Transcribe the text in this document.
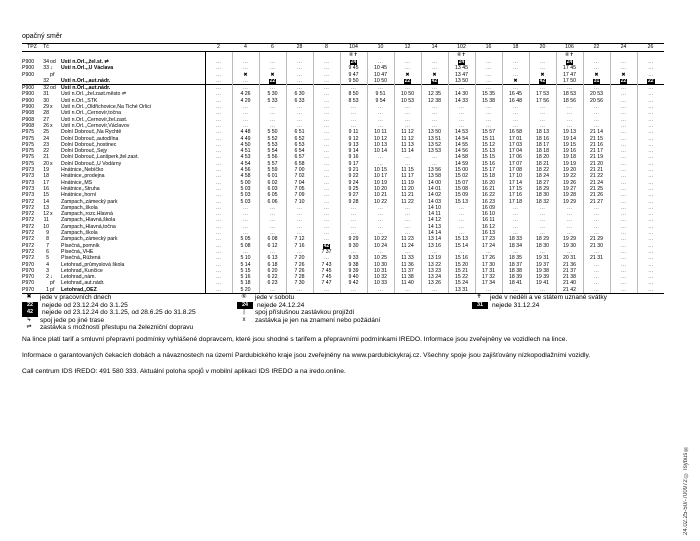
opačný směr
TPZ	Tč			2	4	6	28	8	104	10	12	14	102	16	18	20	106	22	24	26
									⑥✝				⑥✝				⑥✝			
P900	34	od	Ústí n.Orl.,,žel.st. ⇌	…	…	…	…	…	24	…	…	…	24	…	…	…	24	…	…	…
P900	33	↓	Ústí n.Orl.,,U Václava	…	…	…	…	…	9 45	10 45	…	…	13 45	…	…	…	17 45	…	…	…
P900		př		…	✖	✖	…	…	9 47	10 47	✖	✖	13 47	…	…	✖	17 47	✖	✖	…
	32		Ústí n.Orl.,,aut.nádr.	…	…	22	…	…	9 50	10 50	22	42	13 50	…	✖	42	17 50	31	22	22
P900	32	od	Ústí n.Orl.,,aut.nádr.	…	…	…	…	…	…	…	…	…	…	…	…	…	…	…	…	…
P900	31		Ústí n.Orl.,,žel.zast.město ⇌	…	4 26	5 30	6 30	…	8 50	9 51	10 50	12 35	14 30	15 35	16 45	17 53	18 53	20 53	…	…
P900	30		Ústí n.Orl.,,STK	…	4 29	5 33	6 33	…	8 53	9 54	10 53	12 38	14 33	15 38	16 48	17 56	18 56	20 56	…	…
P900	29	x	Ústí n.Orl.,,Oldřichovice,Na Tiché Orlici	…	…	…	…	…	…	…	…	…	…	…	…	…	…	…	…	…
P908	28		Ústí n.Orl.,,Černovír,točna	…	…	…	…	…	…	…	…	…	…	…	…	…	…	…	…	…
P908	27		Ústí n.Orl.,,Černovír,žel.zast.	…	…	…	…	…	…	…	…	…	…	…	…	…	…	…	…	…
P908	26	x	Ústí n.Orl.,,Černovír,Václavov	…	…	…	…	…	…	…	…	…	…	…	…	…	…	…	…	…
P975	25		Dolní Dobrouč,,Na Rychtě	…	4 48	5 50	6 51	…	9 11	10 11	11 12	13 50	14 53	15 57	16 58	18 13	19 13	21 14	…	…
P975	24		Dolní Dobrouč,,autodílna	…	4 49	5 52	6 52	…	9 12	10 12	11 12	13 51	14 54	15 11	17 01	18 16	19 14	21 15	…	…
P975	23		Dolní Dobrouč,,hostinec	…	4 50	5 53	6 53	…	9 13	10 13	11 13	13 52	14 55	15 12	17 03	18 17	19 15	21 16	…	…
P975	22		Dolní Dobrouč,,Sejy	…	4 51	5 54	6 54	…	9 14	10 14	11 14	13 53	14 56	15 13	17 04	18 18	19 16	21 17	…	…
P975	21		Dolní Dobrouč,,Lanšperk,žel.zast.	…	4 53	5 56	6 57	…	9 16	…	…	…	14 58	15 15	17 06	18 20	19 18	21 19	…	…
P975	20	x	Dolní Dobrouč,,U Vodárny	…	4 54	5 57	6 58	…	9 17	…	…	…	14 59	15 16	17 07	18 21	19 19	21 20	…	…
P973	19		Hnátnice,,Nebíčko	…	4 56	5 59	7 00	…	9 21	10 15	11 15	13 56	15 00	15 17	17 08	18 22	19 20	21 21	…	…
P973	18		Hnátnice,,prodejna	…	4 58	6 01	7 02	…	9 22	10 17	11 17	13 58	15 02	15 18	17 10	18 24	19 22	21 22	…	…
P973	17		Hnátnice,,MŠ	…	5 00	6 02	7 04	…	9 24	10 19	11 19	14 00	15 07	16 20	17 14	18 27	19 26	21 24	…	…
P973	16		Hnátnice,,Struha	…	5 03	6 03	7 05	…	9 25	10 20	11 20	14 01	15 08	16 21	17 15	18 29	19 27	21 25	…	…
P973	15		Hnátnice,,horní	…	5 03	6 05	7 09	…	9 27	10 21	11 21	14 02	15 09	16 22	17 16	18 30	19 28	21 26	…	…
P972	14		Žampach,,zámecký park	…	5 03	6 06	7 10	…	9 28	10 22	11 22	14 03	15 13	16 23	17 18	18 32	19 29	21 27	…	…
P972	13		Žampach,,škola	…	…	…	…	…	…	…	…	14 10	…	16 09	…	…	…	…	…	…
P972	12	x	Žampach,,rozc.Hlavná	…	…	…	…	…	…	…	…	14 11	…	16 10	…	…	…	…	…	…
P972	11		Žampach,,Hlavná,škola	…	…	…	…	…	…	…	…	14 12	…	16 11	…	…	…	…	…	…
P972	10		Žampach,,Hlavná,točna	…	…	…	…	…	…	…	…	14 13	…	16 12	…	…	…	…	…	…
P972	9		Žampach,,škola	…	…	…	…	…	…	…	…	14 14	…	16 13	…	…	…	…	…	…
P972	8		Žampach,,zámecký park	…	5 05	6 08	7 12	…	9 29	10 22	11 23	13 14	15 13	17 23	18 33	18 29	19 29	21 29	…	…
P972	7		Písečná,,pomník	…	5 08	6 12	7 16	42	9 30	10 24	11 24	13 16	15 14	17 24	18 34	18 30	19 30	21 30	…	…
P972	6		Písečná,,VHE	…	…	…	…	7 37	…	…	…	…	…	…	…	…	…	…	…	…
P972	5		Písečná,,Růžená	…	5 10	6 13	7 20	…	9 33	10 25	11 33	13 19	15 16	17 26	18 35	19 31	20 31	21 31	…	…
P970	4		Letohrad,,průmyslová škola	…	5 14	6 18	7 26	7 43	9 38	10 30	11 36	13 22	15 20	17 30	18 37	19 37	21 36	…	…	…
P970	3		Letohrad,,Kunčice	…	5 15	6 20	7 26	7 45	9 39	10 31	11 37	13 23	15 21	17 31	18 38	19 38	21 37	…	…	…
P970	2	↓	Letohrad,,nám.	…	5 16	6 22	7 28	7 45	9 40	10 32	11 38	13 24	15 22	17 32	18 39	19 39	21 38	…	…	…
P970		př	Letohrad,,aut.nádr.	…	5 18	6 23	7 30	7 47	9 42	10 33	11 40	13 26	15 24	17 34	18 41	19 41	21 40	…	…	…
P970	1	př	Letohrad,,OEZ	…	5 20	…	…	…	…	…	…	…	13 31	…	…	…	21 42	…	…	…
✖	jede v pracovních dnech
22	nejede od 23.12.24 do 3.1.25
42	nejede od 23.12.24 do 3.1.25, od 28.6.25 do 31.8.25
↳	spoj jede po jiné trase
⇌	zastávka s možností přestupu na železniční dopravu
⑥	jede v sobotu
24	nejede 24.12.24
|	spoj příslušnou zastávkou projíždí
x	zastávka je jen na znamení nebo požádání
✝	jede v neděli a ve státem uznané svátky
31	nejede 31.12.24

Na lince platí tarif a smluvní přepravní podmínky vyhlášené dopravcem, které jsou shodné s tarifem a přepravními podmínkami IREDO. Informace jsou zveřejněny ve vozidlech na lince.

Informace o garantovaných čekacích dobách a návaznostech na území Pardubického kraje jsou zveřejněny na www.pardubickykraj.cz. Všechny spoje jsou zajišťovány nízkopodlažními vozidly.

Call centrum IDS IREDO: 491 580 333. Aktuální poloha spojů v mobilní aplikaci IDS IREDO a na iredo.online.

24.02.25-50/-700972 © Isybus ®
